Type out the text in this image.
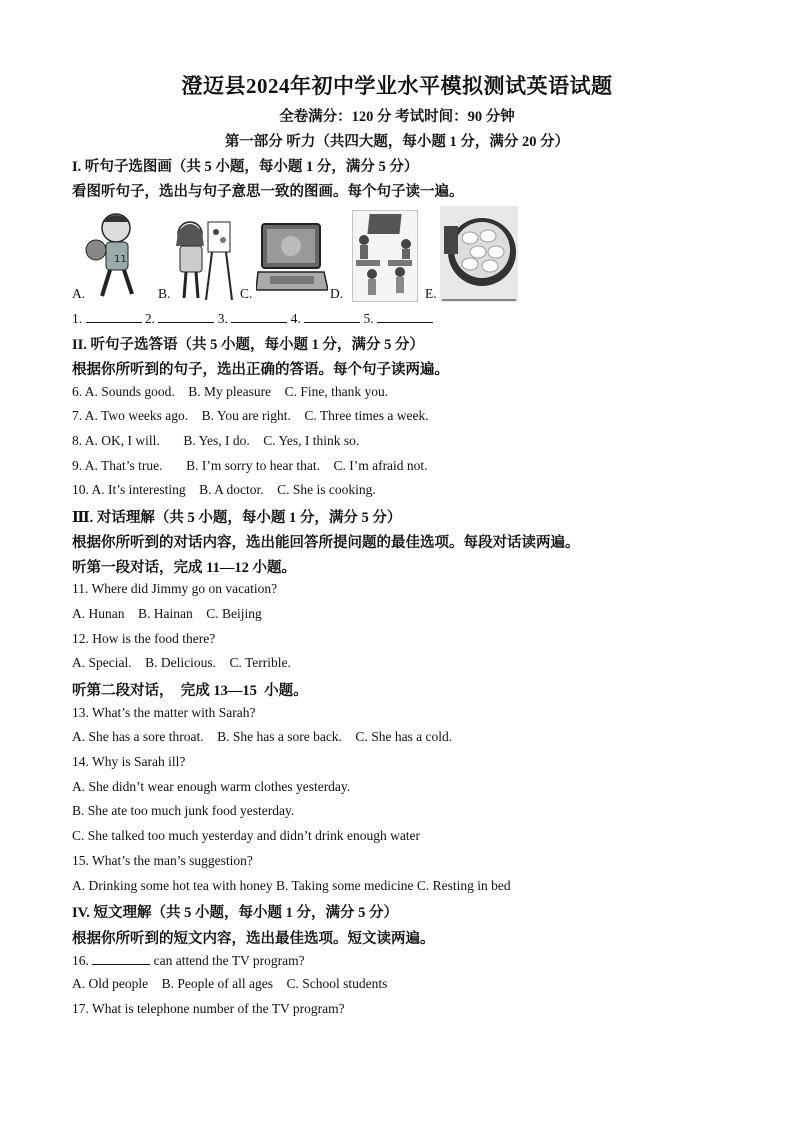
澄迈县2024年初中学业水平模拟测试英语试题
全卷满分：120 分 考试时间：90 分钟
第一部分 听力（共四大题，每小题 1 分，满分 20 分）
I. 听句子选图画（共 5 小题，每小题 1 分，满分 5 分）
看图听句子，选出与句子意思一致的图画。每个句子读一遍。
A.
11
B.	C.	D.	E.
1.	2.	3.	4.	5.
II. 听句子选答语（共 5 小题，每小题 1 分，满分 5 分）
根据你所听到的句子，选出正确的答语。每个句子读两遍。
6. A. Sounds good.    B. My pleasure    C. Fine, thank you.
7. A. Two weeks ago.    B. You are right.    C. Three times a week.
8. A. OK, I will.       B. Yes, I do.    C. Yes, I think so.
9. A. That’s true.       B. I’m sorry to hear that.    C. I’m afraid not.
10. A. It’s interesting    B. A doctor.    C. She is cooking.
Ⅲ. 对话理解（共 5 小题，每小题 1 分，满分 5 分）
根据你所听到的对话内容，选出能回答所提问题的最佳选项。每段对话读两遍。
听第一段对话，完成 11—12 小题。
11. Where did Jimmy go on vacation?
A. Hunan    B. Hainan    C. Beijing
12. How is the food there?
A. Special.    B. Delicious.    C. Terrible.
听第二段对话，  完成 13—15  小题。
13. What’s the matter with Sarah?
A. She has a sore throat.    B. She has a sore back.    C. She has a cold.
14. Why is Sarah ill?
A. She didn’t wear enough warm clothes yesterday.
B. She ate too much junk food yesterday.
C. She talked too much yesterday and didn’t drink enough water
15. What’s the man’s suggestion?
A. Drinking some hot tea with honey B. Taking some medicine C. Resting in bed
IV. 短文理解（共 5 小题，每小题 1 分，满分 5 分）
根据你所听到的短文内容，选出最佳选项。短文读两遍。
16.	can attend the TV program?
A. Old people    B. People of all ages    C. School students
17. What is telephone number of the TV program?
